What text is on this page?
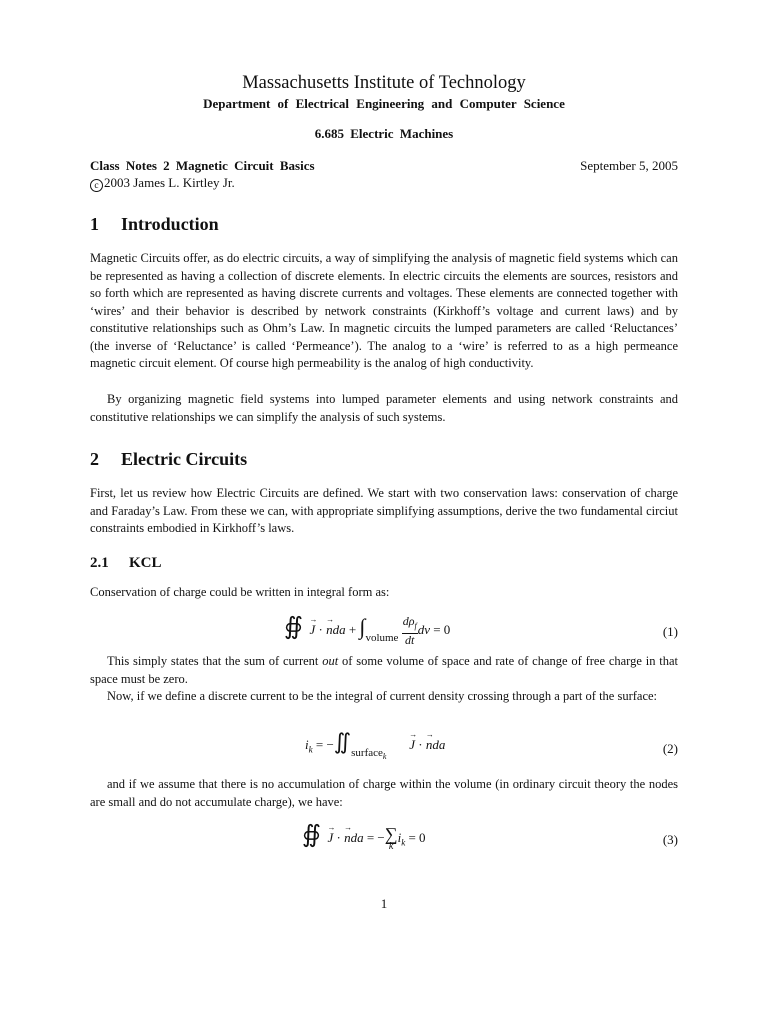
Massachusetts Institute of Technology
Department of Electrical Engineering and Computer Science
6.685 Electric Machines
Class Notes 2 Magnetic Circuit Basics	September 5, 2005
c 2003 James L. Kirtley Jr.
1 Introduction

Magnetic Circuits offer, as do electric circuits, a way of simplifying the analysis of magnetic field systems which can be represented as having a collection of discrete elements. In electric circuits the elements are sources, resistors and so forth which are represented as having discrete currents and voltages. These elements are connected together with ‘wires’ and their behavior is described by network constraints (Kirkhoff’s voltage and current laws) and by constitutive relationships such as Ohm’s Law. In magnetic circuits the lumped parameters are called ‘Reluctances’ (the inverse of ‘Reluctance’ is called ‘Permeance’). The analog to a ‘wire’ is referred to as a high permeance magnetic circuit element. Of course high permeability is the analog of high conductivity.

By organizing magnetic field systems into lumped parameter elements and using network constraints and constitutive relationships we can simplify the analysis of such systems.

2 Electric Circuits

First, let us review how Electric Circuits are defined. We start with two conservation laws: conservation of charge and Faraday’s Law. From these we can, with appropriate simplifying assumptions, derive the two fundamental circiut constraints embodied in Kirkhoff’s laws.

2.1 KCL

Conservation of charge could be written in integral form as:

∯ → J · → nda + $\int_{volume} \frac{d\rho_f}{dt}$ dv = 0	(1)

This simply states that the sum of current out of some volume of space and rate of change of free charge in that space must be zero.

Now, if we define a discrete current to be the integral of current density crossing through a part of the surface:

$i_k$ = $-∬_{surface_k}$       → J · → nda	(2)

and if we assume that there is no accumulation of charge within the volume (in ordinary circuit theory the nodes are small and do not accumulate charge), we have:

∯ → J · → nda = − ∑
k
$i_k = 0$	(3)
1
